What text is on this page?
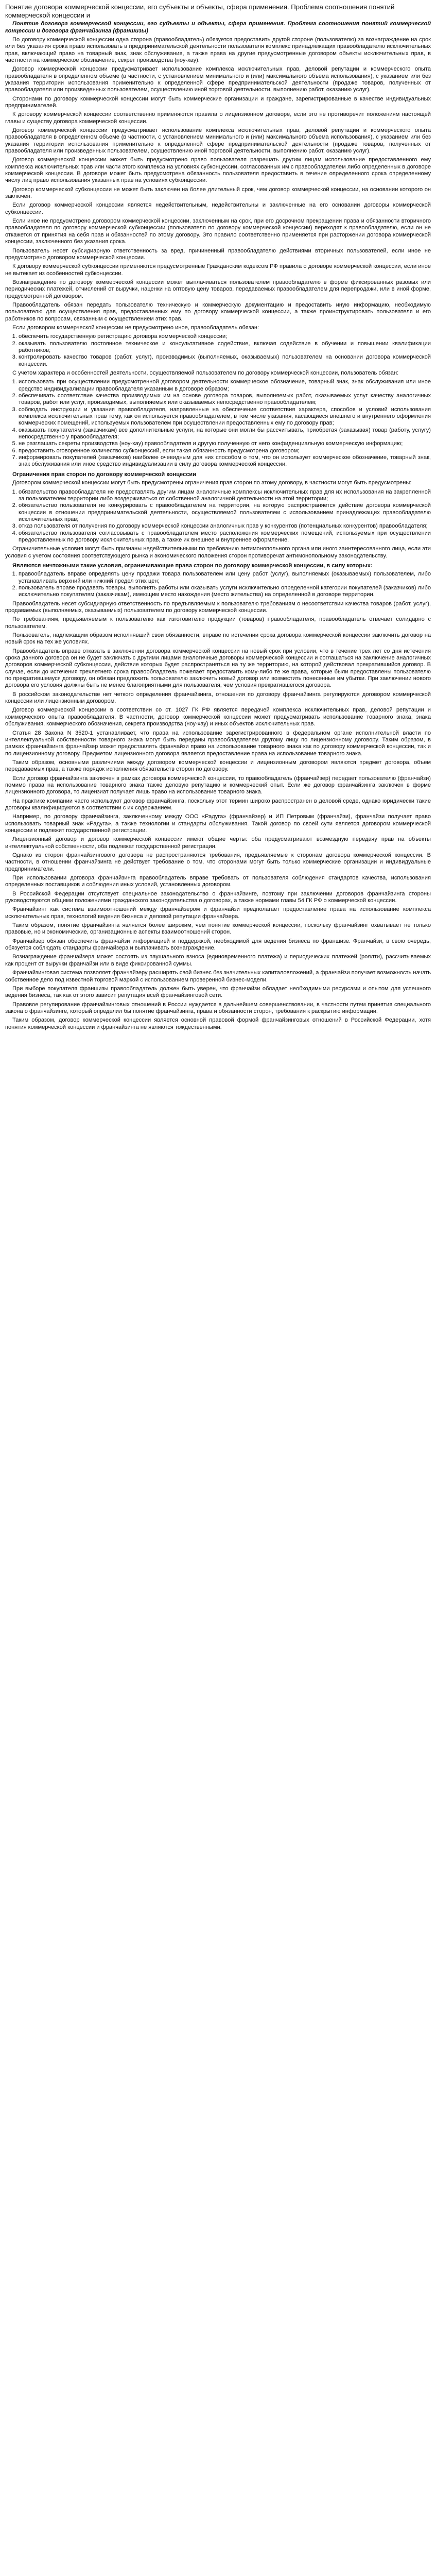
Понятие договора коммерческой концессии, его субъекты и объекты, сфера применения. Проблема соотношения понятий коммерческой концессии и
Понятие договора коммерческой концессии, его субъекты и объекты, сфера применения. Проблема соотношения понятий коммерческой концессии и договора франчайзинга (франшизы)
По договору коммерческой концессии одна сторона (правообладатель) обязуется предоставить другой стороне (пользователю) за вознаграждение на срок или без указания срока право использовать в предпринимательской деятельности пользователя комплекс принадлежащих правообладателю исключительных прав, включающий право на товарный знак, знак обслуживания, а также права на другие предусмотренные договором объекты исключительных прав, в частности на коммерческое обозначение, секрет производства (ноу-хау).
Договор коммерческой концессии предусматривает использование комплекса исключительных прав, деловой репутации и коммерческого опыта правообладателя в определенном объеме (в частности, с установлением минимального и (или) максимального объема использования), с указанием или без указания территории использования применительно к определенной сфере предпринимательской деятельности (продаже товаров, полученных от правообладателя или произведенных пользователем, осуществлению иной торговой деятельности, выполнению работ, оказанию услуг).
Сторонами по договору коммерческой концессии могут быть коммерческие организации и граждане, зарегистрированные в качестве индивидуальных предпринимателей.
К договору коммерческой концессии соответственно применяются правила о лицензионном договоре, если это не противоречит положениям настоящей главы и существу договора коммерческой концессии.
Договор коммерческой концессии предусматривает использование комплекса исключительных прав, деловой репутации и коммерческого опыта правообладателя в определенном объеме (в частности, с установлением минимального и (или) максимального объема использования), с указанием или без указания территории использования применительно к определенной сфере предпринимательской деятельности (продаже товаров, полученных от правообладателя или произведенных пользователем, осуществлению иной торговой деятельности, выполнению работ, оказанию услуг).
Договор коммерческой концессии может быть предусмотрено право пользователя разрешать другим лицам использование предоставленного ему комплекса исключительных прав или части этого комплекса на условиях субконцессии, согласованных им с правообладателем либо определенных в договоре коммерческой концессии. В договоре может быть предусмотрена обязанность пользователя предоставить в течение определенного срока определенному числу лиц право использования указанных прав на условиях субконцессии.
Договор коммерческой субконцессии не может быть заключен на более длительный срок, чем договор коммерческой концессии, на основании которого он заключен.
Если договор коммерческой концессии является недействительным, недействительны и заключенные на его основании договоры коммерческой субконцессии.
Если иное не предусмотрено договором коммерческой концессии, заключенным на срок, при его досрочном прекращении права и обязанности вторичного правообладателя по договору коммерческой субконцессии (пользователя по договору коммерческой концессии) переходят к правообладателю, если он не откажется от принятия на себя прав и обязанностей по этому договору. Это правило соответственно применяется при расторжении договора коммерческой концессии, заключенного без указания срока.
Пользователь несет субсидиарную ответственность за вред, причиненный правообладателю действиями вторичных пользователей, если иное не предусмотрено договором коммерческой концессии.
К договору коммерческой субконцессии применяются предусмотренные Гражданским кодексом РФ правила о договоре коммерческой концессии, если иное не вытекает из особенностей субконцессии.
Вознаграждение по договору коммерческой концессии может выплачиваться пользователем правообладателю в форме фиксированных разовых или периодических платежей, отчислений от выручки, наценки на оптовую цену товаров, передаваемых правообладателем для перепродажи, или в иной форме, предусмотренной договором.
Правообладатель обязан передать пользователю техническую и коммерческую документацию и предоставить иную информацию, необходимую пользователю для осуществления прав, предоставленных ему по договору коммерческой концессии, а также проинструктировать пользователя и его работников по вопросам, связанным с осуществлением этих прав.
Если договором коммерческой концессии не предусмотрено иное, правообладатель обязан:
1. обеспечить государственную регистрацию договора коммерческой концессии;
2. оказывать пользователю постоянное техническое и консультативное содействие, включая содействие в обучении и повышении квалификации работников;
3. контролировать качество товаров (работ, услуг), производимых (выполняемых, оказываемых) пользователем на основании договора коммерческой концессии.
С учетом характера и особенностей деятельности, осуществляемой пользователем по договору коммерческой концессии, пользователь обязан:
1. использовать при осуществлении предусмотренной договором деятельности коммерческое обозначение, товарный знак, знак обслуживания или иное средство индивидуализации правообладателя указанным в договоре образом;
2. обеспечивать соответствие качества производимых им на основе договора товаров, выполняемых работ, оказываемых услуг качеству аналогичных товаров, работ или услуг, производимых, выполняемых или оказываемых непосредственно правообладателем;
3. соблюдать инструкции и указания правообладателя, направленные на обеспечение соответствия характера, способов и условий использования комплекса исключительных прав тому, как он используется правообладателем, в том числе указания, касающиеся внешнего и внутреннего оформления коммерческих помещений, используемых пользователем при осуществлении предоставленных ему по договору прав;
4. оказывать покупателям (заказчикам) все дополнительные услуги, на которые они могли бы рассчитывать, приобретая (заказывая) товар (работу, услугу) непосредственно у правообладателя;
5. не разглашать секреты производства (ноу-хау) правообладателя и другую полученную от него конфиденциальную коммерческую информацию;
6. предоставить оговоренное количество субконцессий, если такая обязанность предусмотрена договором;
7. информировать покупателей (заказчиков) наиболее очевидным для них способом о том, что он использует коммерческое обозначение, товарный знак, знак обслуживания или иное средство индивидуализации в силу договора коммерческой концессии.
Ограничения прав сторон по договору коммерческой концессии
Договором коммерческой концессии могут быть предусмотрены ограничения прав сторон по этому договору, в частности могут быть предусмотрены:
1. обязательство правообладателя не предоставлять другим лицам аналогичные комплексы исключительных прав для их использования на закрепленной за пользователем территории либо воздерживаться от собственной аналогичной деятельности на этой территории;
2. обязательство пользователя не конкурировать с правообладателем на территории, на которую распространяется действие договора коммерческой концессии в отношении предпринимательской деятельности, осуществляемой пользователем с использованием принадлежащих правообладателю исключительных прав;
3. отказ пользователя от получения по договору коммерческой концессии аналогичных прав у конкурентов (потенциальных конкурентов) правообладателя;
4. обязательство пользователя согласовывать с правообладателем место расположения коммерческих помещений, используемых при осуществлении предоставленных по договору исключительных прав, а также их внешнее и внутреннее оформление.
Ограничительные условия могут быть признаны недействительными по требованию антимонопольного органа или иного заинтересованного лица, если эти условия с учетом состояния соответствующего рынка и экономического положения сторон противоречат антимонопольному законодательству.
Являются ничтожными такие условия, ограничивающие права сторон по договору коммерческой концессии, в силу которых:
1. правообладатель вправе определять цену продажи товара пользователем или цену работ (услуг), выполняемых (оказываемых) пользователем, либо устанавливать верхний или нижний предел этих цен;
2. пользователь вправе продавать товары, выполнять работы или оказывать услуги исключительно определенной категории покупателей (заказчиков) либо исключительно покупателям (заказчикам), имеющим место нахождения (место жительства) на определенной в договоре территории.
Правообладатель несет субсидиарную ответственность по предъявляемым к пользователю требованиям о несоответствии качества товаров (работ, услуг), продаваемых (выполняемых, оказываемых) пользователем по договору коммерческой концессии.
По требованиям, предъявляемым к пользователю как изготовителю продукции (товаров) правообладателя, правообладатель отвечает солидарно с пользователем.
Пользователь, надлежащим образом исполнявший свои обязанности, вправе по истечении срока договора коммерческой концессии заключить договор на новый срок на тех же условиях.
Правообладатель вправе отказать в заключении договора коммерческой концессии на новый срок при условии, что в течение трех лет со дня истечения срока данного договора он не будет заключать с другими лицами аналогичные договоры коммерческой концессии и соглашаться на заключение аналогичных договоров коммерческой субконцессии, действие которых будет распространяться на ту же территорию, на которой действовал прекратившийся договор. В случае, если до истечения трехлетнего срока правообладатель пожелает предоставить кому-либо те же права, которые были предоставлены пользователю по прекратившемуся договору, он обязан предложить пользователю заключить новый договор или возместить понесенные им убытки. При заключении нового договора его условия должны быть не менее благоприятными для пользователя, чем условия прекратившегося договора.
В российском законодательстве нет четкого определения франчайзинга, отношения по договору франчайзинга регулируются договором коммерческой концессии или лицензионным договором.
Договор коммерческой концессии в соответствии со ст. 1027 ГК РФ является передачей комплекса исключительных прав, деловой репутации и коммерческого опыта правообладателя. В частности, договор коммерческой концессии может предусматривать использование товарного знака, знака обслуживания, коммерческого обозначения, секрета производства (ноу-хау) и иных объектов исключительных прав.
Статья 28 Закона N 3520-1 устанавливает, что права на использование зарегистрированного в федеральном органе исполнительной власти по интеллектуальной собственности товарного знака могут быть переданы правообладателем другому лицу по лицензионному договору. Таким образом, в рамках франчайзинга франчайзер может предоставлять франчайзи право на использование товарного знака как по договору коммерческой концессии, так и по лицензионному договору. Предметом лицензионного договора является предоставление права на использование товарного знака.
Таким образом, основными различиями между договором коммерческой концессии и лицензионным договором являются предмет договора, объем передаваемых прав, а также порядок исполнения обязательств сторон по договору.
Если договор франчайзинга заключен в рамках договора коммерческой концессии, то правообладатель (франчайзер) передает пользователю (франчайзи) помимо права на использование товарного знака также деловую репутацию и коммерческий опыт. Если же договор франчайзинга заключен в форме лицензионного договора, то лицензиат получает лишь право на использование товарного знака.
На практике компании часто используют договор франчайзинга, поскольку этот термин широко распространен в деловой среде, однако юридически такие договоры квалифицируются в соответствии с их содержанием.
Например, по договору франчайзинга, заключенному между ООО «Радуга» (франчайзер) и ИП Петровым (франчайзи), франчайзи получает право использовать товарный знак «Радуга», а также технологии и стандарты обслуживания. Такой договор по своей сути является договором коммерческой концессии и подлежит государственной регистрации.
Лицензионный договор и договор коммерческой концессии имеют общие черты: оба предусматривают возмездную передачу прав на объекты интеллектуальной собственности, оба подлежат государственной регистрации.
Однако из сторон франчайзингового договора не распространяются требования, предъявляемые к сторонам договора коммерческой концессии. В частности, в отношении франчайзинга не действует требование о том, что сторонами могут быть только коммерческие организации и индивидуальные предприниматели.
При использовании договора франчайзинга правообладатель вправе требовать от пользователя соблюдения стандартов качества, использования определенных поставщиков и соблюдения иных условий, установленных договором.
В Российской Федерации отсутствует специальное законодательство о франчайзинге, поэтому при заключении договоров франчайзинга стороны руководствуются общими положениями гражданского законодательства о договорах, а также нормами главы 54 ГК РФ о коммерческой концессии.
Франчайзинг как система взаимоотношений между франчайзером и франчайзи предполагает предоставление права на использование комплекса исключительных прав, технологий ведения бизнеса и деловой репутации франчайзера.
Таким образом, понятие франчайзинга является более широким, чем понятие коммерческой концессии, поскольку франчайзинг охватывает не только правовые, но и экономические, организационные аспекты взаимоотношений сторон.
Франчайзер обязан обеспечить франчайзи информацией и поддержкой, необходимой для ведения бизнеса по франшизе. Франчайзи, в свою очередь, обязуется соблюдать стандарты франчайзера и выплачивать вознаграждение.
Вознаграждение франчайзера может состоять из паушального взноса (единовременного платежа) и периодических платежей (роялти), рассчитываемых как процент от выручки франчайзи или в виде фиксированной суммы.
Франчайзинговая система позволяет франчайзеру расширять свой бизнес без значительных капиталовложений, а франчайзи получает возможность начать собственное дело под известной торговой маркой с использованием проверенной бизнес-модели.
При выборе покупателя франшизы правообладатель должен быть уверен, что франчайзи обладает необходимыми ресурсами и опытом для успешного ведения бизнеса, так как от этого зависит репутация всей франчайзинговой сети.
Правовое регулирование франчайзинговых отношений в России нуждается в дальнейшем совершенствовании, в частности путем принятия специального закона о франчайзинге, который определил бы понятие франчайзинга, права и обязанности сторон, требования к раскрытию информации.
Таким образом, договор коммерческой концессии является основной правовой формой франчайзинговых отношений в Российской Федерации, хотя понятия коммерческой концессии и франчайзинга не являются тождественными.
